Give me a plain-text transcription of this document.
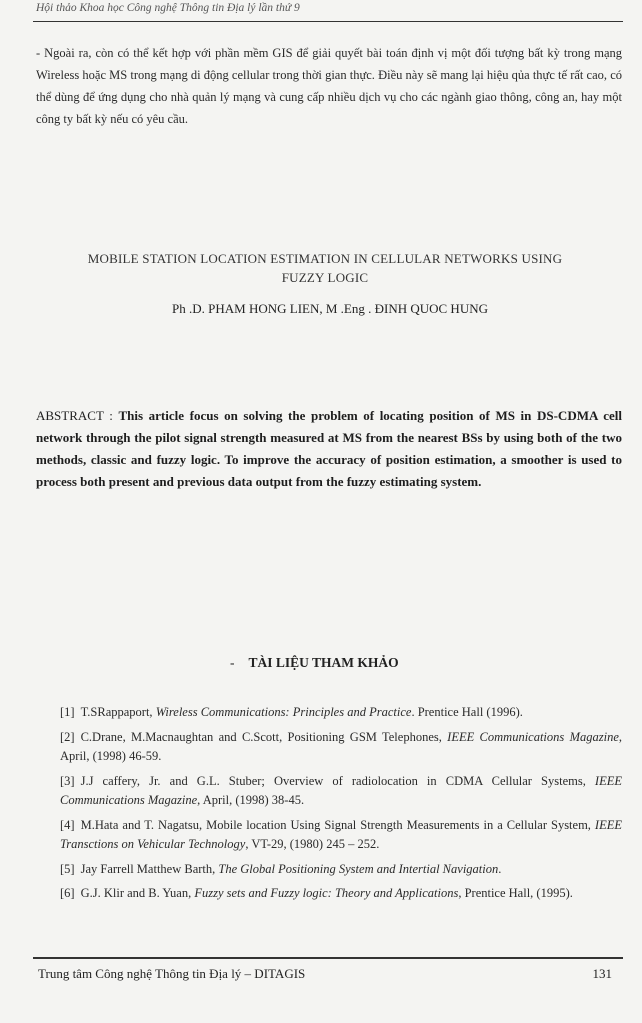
Hội thảo Khoa học Công nghệ Thông tin Địa lý lần thứ 9

- Ngoài ra, còn có thể kết hợp với phần mềm GIS để giải quyết bài toán định vị một đối tượng bất kỳ trong mạng Wireless hoặc MS trong mạng di động cellular trong thời gian thực. Điều này sẽ mang lại hiệu qủa thực tế rất cao, có thể dùng để ứng dụng cho nhà quản lý mạng và cung cấp nhiều dịch vụ cho các ngành giao thông, công an, hay một công ty bất kỳ nếu có yêu cầu.

MOBILE STATION LOCATION ESTIMATION IN CELLULAR NETWORKS USING
FUZZY LOGIC
Ph .D. PHAM HONG LIEN, M .Eng . ĐINH QUOC HUNG

ABSTRACT : This article focus on solving the problem of locating position of MS in DS-CDMA cell network through the pilot signal strength measured at MS from the nearest BSs by using both of the two methods, classic and fuzzy logic. To improve the accuracy of position estimation, a smoother is used to process both present and previous data output from the fuzzy estimating system.

- TÀI LIỆU THAM KHẢO
[1] T.SRappaport, Wireless Communications: Principles and Practice. Prentice Hall (1996).
[2] C.Drane, M.Macnaughtan and C.Scott, Positioning GSM Telephones, IEEE Communications Magazine, April, (1998) 46-59.
[3] J.J caffery, Jr. and G.L. Stuber; Overview of radiolocation in CDMA Cellular Systems, IEEE Communications Magazine, April, (1998) 38-45.
[4] M.Hata and T. Nagatsu, Mobile location Using Signal Strength Measurements in a Cellular System, IEEE Transctions on Vehicular Technology, VT-29, (1980) 245 – 252.
[5] Jay Farrell Matthew Barth, The Global Positioning System and Intertial Navigation.
[6] G.J. Klir and B. Yuan, Fuzzy sets and Fuzzy logic: Theory and Applications, Prentice Hall, (1995).
Trung tâm Công nghệ Thông tin Địa lý – DITAGIS	131
